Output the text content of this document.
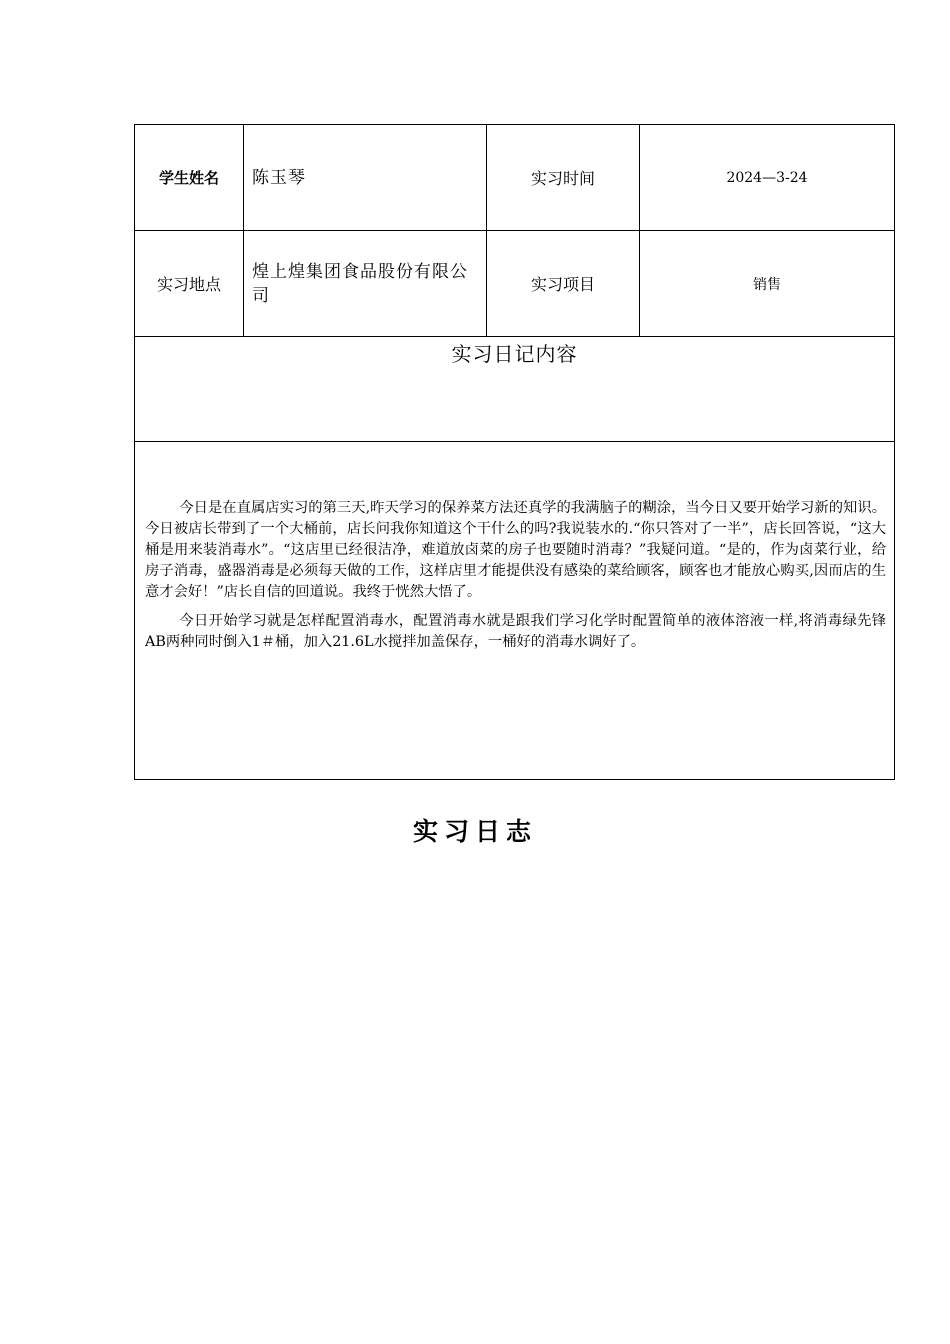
学生姓名	陈玉琴	实习时间	2024—3-24
实习地点	煌上煌集团食品股份有限公司	实习项目	销售

实习日记内容			

今日是在直属店实习的第三天,昨天学习的保养菜方法还真学的我满脑子的糊涂，当今日又要开始学习新的知识。今日被店长带到了一个大桶前，店长问我你知道这个干什么的吗?我说装水的.“你只答对了一半”，店长回答说，“这大桶是用来装消毒水”。“这店里已经很洁净，难道放卤菜的房子也要随时消毒？”我疑问道。“是的，作为卤菜行业，给房子消毒，盛器消毒是必须每天做的工作，这样店里才能提供没有感染的菜给顾客，顾客也才能放心购买,因而店的生意才会好！”店长自信的回道说。我终于恍然大悟了。

今日开始学习就是怎样配置消毒水，配置消毒水就是跟我们学习化学时配置简单的液体溶液一样,将消毒绿先锋AB两种同时倒入1＃桶，加入21.6L水搅拌加盖保存，一桶好的消毒水调好了。			

实习日志
